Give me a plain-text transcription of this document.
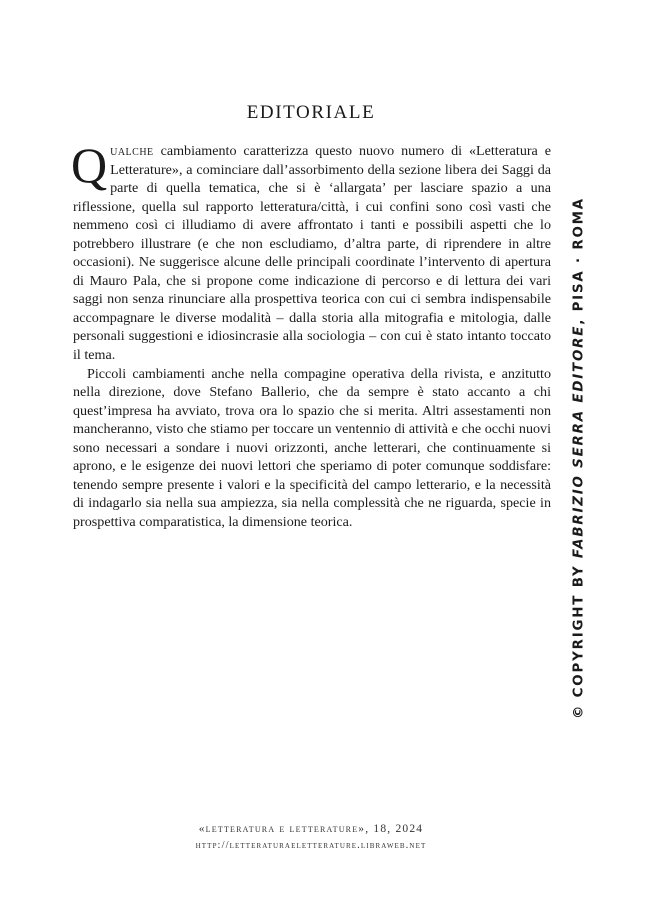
EDITORIALE

Qualche cambiamento caratterizza questo nuovo numero di «Letteratura e Letterature», a cominciare dall’assorbimento della sezione libera dei Saggi da parte di quella tematica, che si è ‘allargata’ per lasciare spazio a una riflessione, quella sul rapporto letteratura/città, i cui confini sono così vasti che nemmeno così ci illudiamo di avere affrontato i tanti e possibili aspetti che lo potrebbero illustrare (e che non escludiamo, d’altra parte, di riprendere in altre occasioni). Ne suggerisce alcune delle principali coordinate l’intervento di apertura di Mauro Pala, che si propone come indicazione di percorso e di lettura dei vari saggi non senza rinunciare alla prospettiva teorica con cui ci sembra indispensabile accompagnare le diverse modalità – dalla storia alla mitografia e mitologia, dalle personali suggestioni e idiosincrasie alla sociologia – con cui è stato intanto toccato il tema.

Piccoli cambiamenti anche nella compagine operativa della rivista, e anzitutto nella direzione, dove Stefano Ballerio, che da sempre è stato accanto a chi quest’impresa ha avviato, trova ora lo spazio che si merita. Altri assestamenti non mancheranno, visto che stiamo per toccare un ventennio di attività e che occhi nuovi sono necessari a sondare i nuovi orizzonti, anche letterari, che continuamente si aprono, e le esigenze dei nuovi lettori che speriamo di poter comunque soddisfare: tenendo sempre presente i valori e la specificità del campo letterario, e la necessità di indagarlo sia nella sua ampiezza, sia nella complessità che ne riguarda, specie in prospettiva comparatistica, la dimensione teorica.

© COPYRIGHT BY FABRIZIO SERRA EDITORE, PISA · ROMA
«letteratura e letterature», 18, 2024
http://letteraturaeletterature.libraweb.net
